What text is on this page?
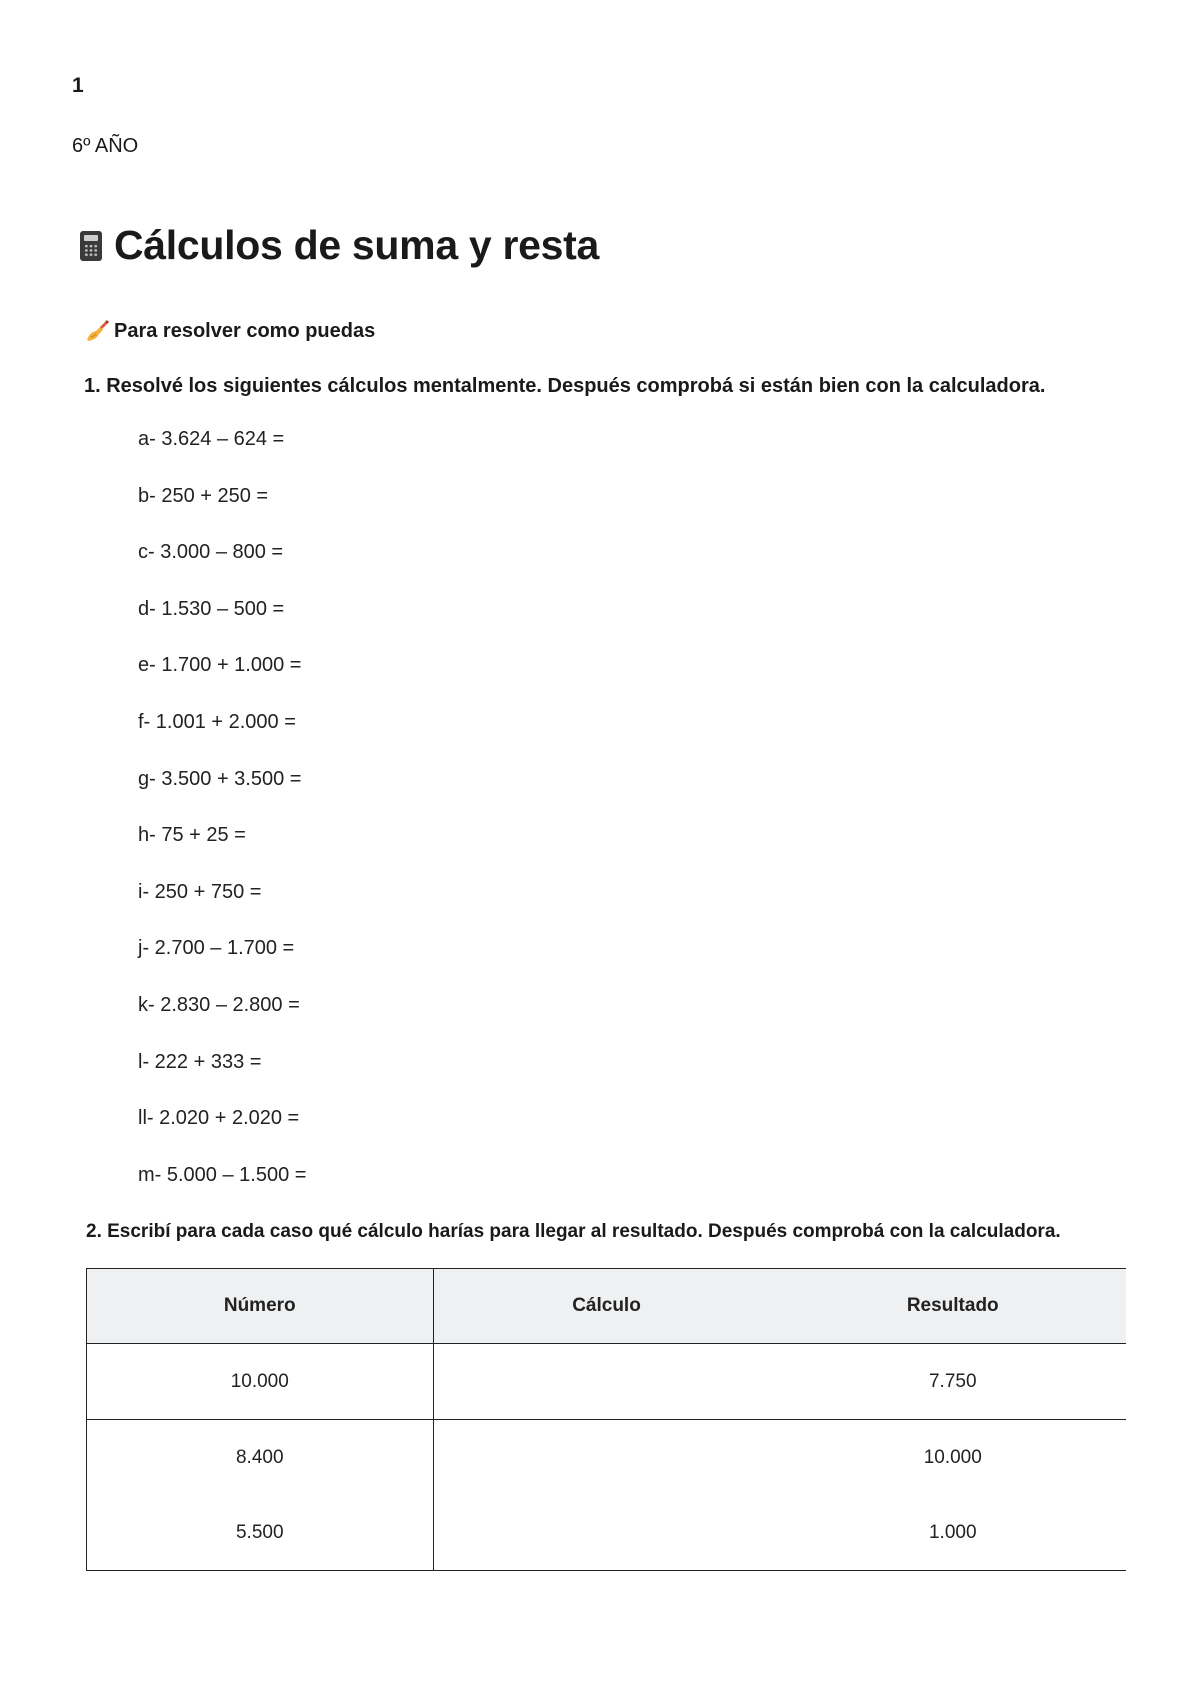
1
6º AÑO
Cálculos de suma y resta
Para resolver como puedas
1. Resolvé los siguientes cálculos mentalmente. Después comprobá si están bien con la calculadora.
a- 3.624 – 624 =
b- 250 + 250 =
c- 3.000 – 800 =
d- 1.530 – 500 =
e- 1.700 + 1.000 =
f- 1.001 + 2.000 =
g- 3.500 + 3.500 =
h- 75 + 25 =
i- 250 + 750 =
j- 2.700 – 1.700 =
k- 2.830 – 2.800 =
l- 222 + 333 =
ll- 2.020 + 2.020 =
m- 5.000 – 1.500 =
2. Escribí para cada caso qué cálculo harías para llegar al resultado. Después comprobá con la calculadora.
Número	Cálculo	Resultado
10.000		7.750
8.400		10.000
5.500		1.000
